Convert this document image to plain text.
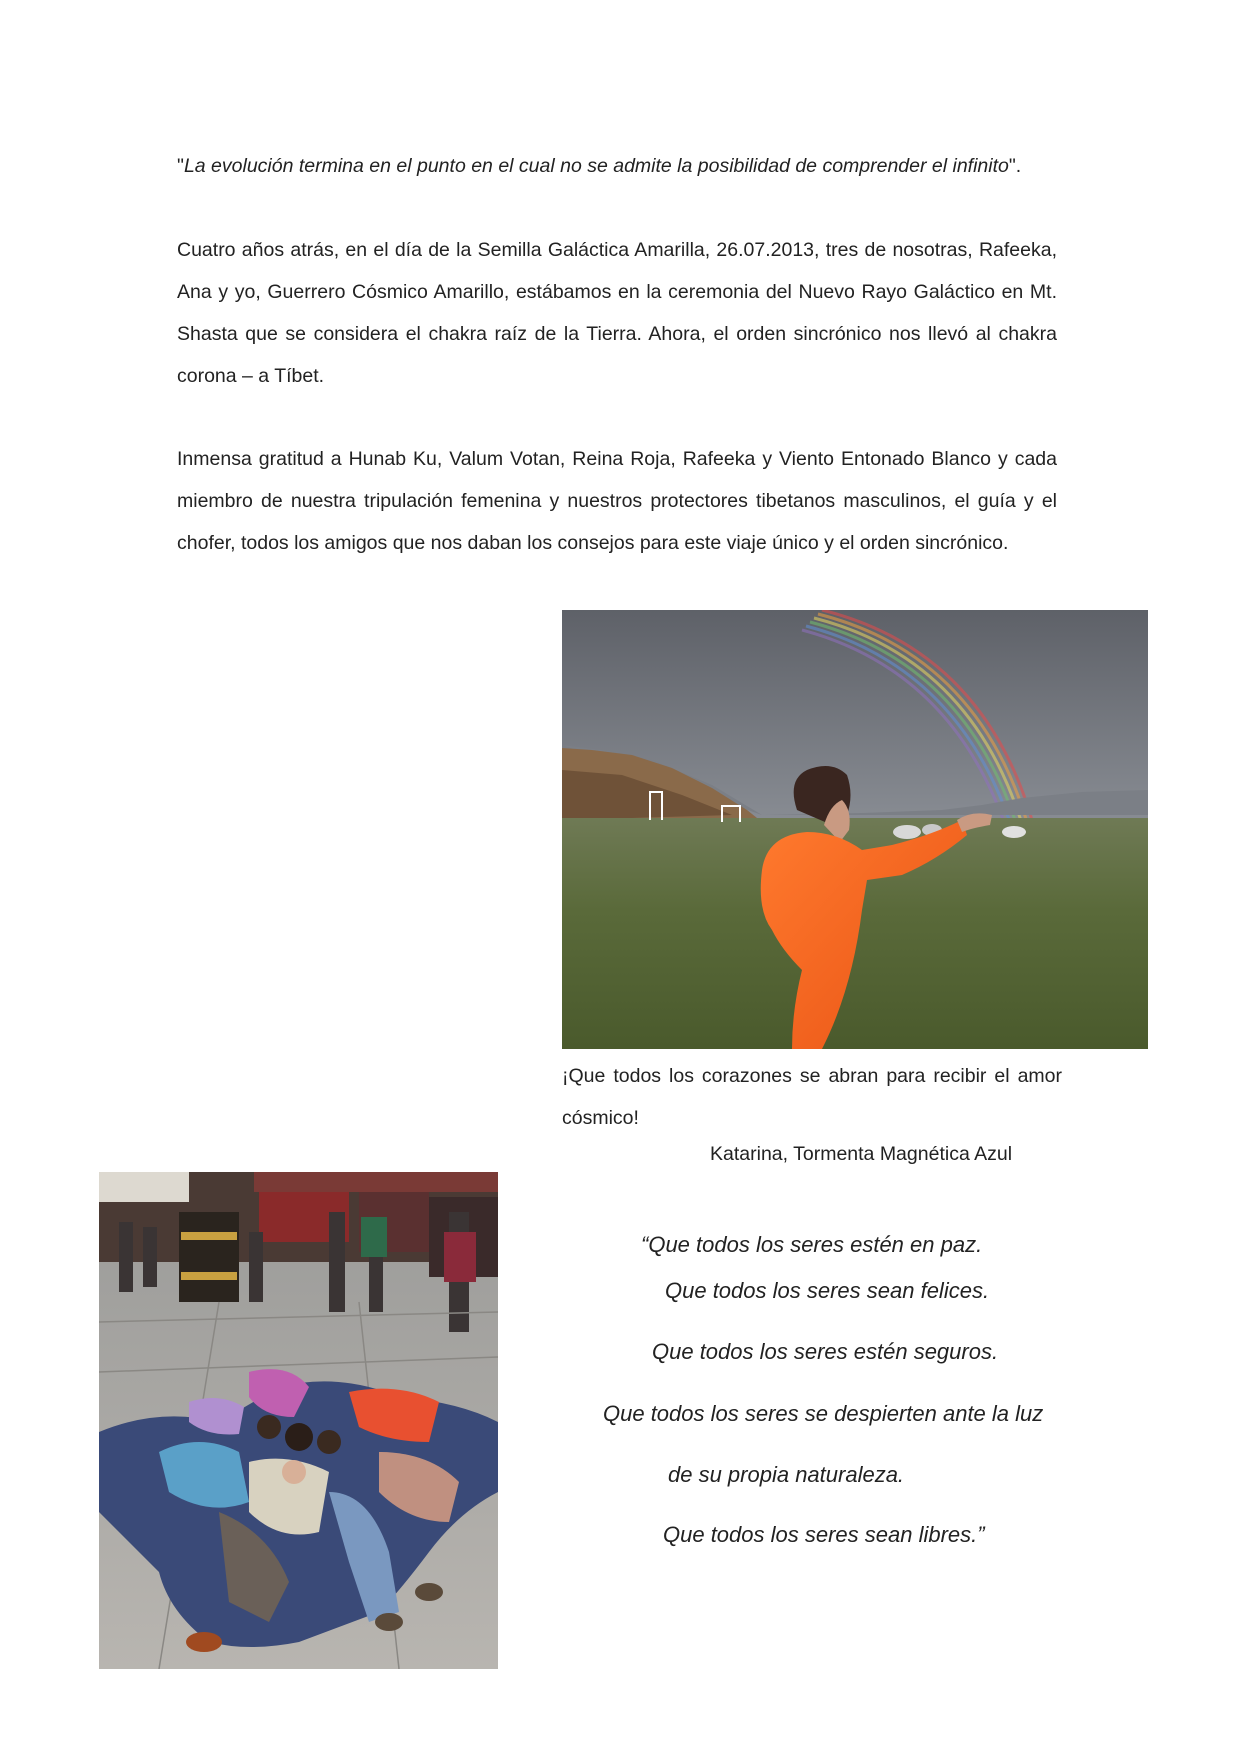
"La evolución termina en el punto en el cual no se admite la posibilidad de comprender el infinito".

Cuatro años atrás, en el día de la Semilla Galáctica Amarilla, 26.07.2013, tres de nosotras, Rafeeka, Ana y yo, Guerrero Cósmico Amarillo, estábamos en la ceremonia del Nuevo Rayo Galáctico en Mt. Shasta que se considera el chakra raíz de la Tierra. Ahora, el orden sincrónico nos llevó al chakra corona – a Tíbet.

Inmensa gratitud a Hunab Ku, Valum Votan, Reina Roja, Rafeeka y Viento Entonado Blanco y cada miembro de nuestra tripulación femenina y nuestros protectores tibetanos masculinos, el guía y el chofer, todos los amigos que nos daban los consejos para este viaje único y el orden sincrónico.

¡Que todos los corazones se abran para recibir el amor cósmico!

Katarina, Tormenta Magnética Azul
“Que todos los seres estén en paz.
Que todos los seres sean felices.
Que todos los seres estén seguros.
Que todos los seres se despierten ante la luz
de su propia naturaleza.
Que todos los seres sean libres.”
